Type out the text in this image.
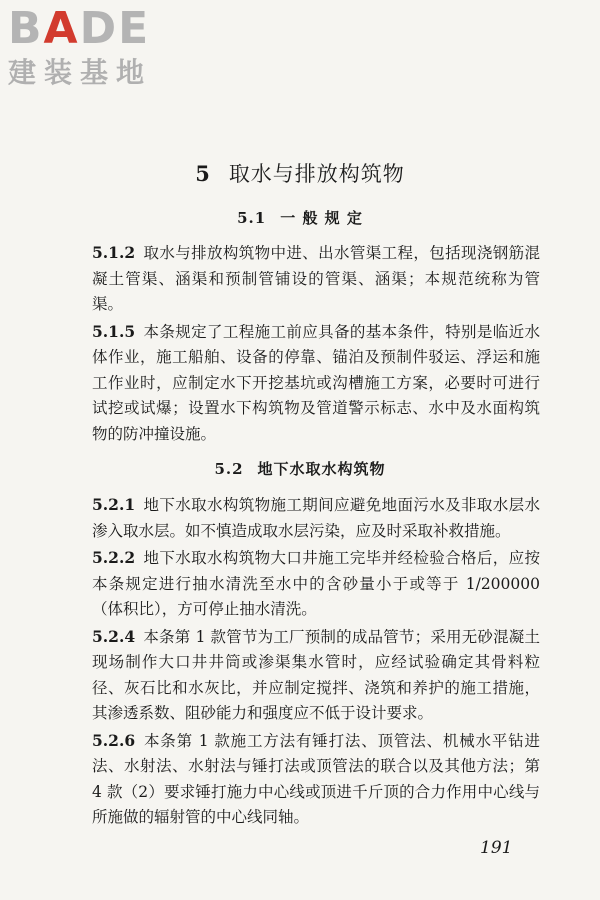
BADE
建装基地
5 取水与排放构筑物
5.1 一 般 规 定

5.1.2 取水与排放构筑物中进、出水管渠工程，包括现浇钢筋混凝土管渠、涵渠和预制管铺设的管渠、涵渠；本规范统称为管渠。

5.1.5 本条规定了工程施工前应具备的基本条件，特别是临近水体作业，施工船舶、设备的停靠、锚泊及预制件驳运、浮运和施工作业时，应制定水下开挖基坑或沟槽施工方案，必要时可进行试挖或试爆；设置水下构筑物及管道警示标志、水中及水面构筑物的防冲撞设施。

5.2 地下水取水构筑物

5.2.1 地下水取水构筑物施工期间应避免地面污水及非取水层水渗入取水层。如不慎造成取水层污染，应及时采取补救措施。

5.2.2 地下水取水构筑物大口井施工完毕并经检验合格后，应按本条规定进行抽水清洗至水中的含砂量小于或等于 1/200000（体积比），方可停止抽水清洗。

5.2.4 本条第 1 款管节为工厂预制的成品管节；采用无砂混凝土现场制作大口井井筒或渗渠集水管时，应经试验确定其骨料粒径、灰石比和水灰比，并应制定搅拌、浇筑和养护的施工措施，其渗透系数、阻砂能力和强度应不低于设计要求。

5.2.6 本条第 1 款施工方法有锤打法、顶管法、机械水平钻进法、水射法、水射法与锤打法或顶管法的联合以及其他方法；第 4 款（2）要求锤打施力中心线或顶进千斤顶的合力作用中心线与所施做的辐射管的中心线同轴。

191
